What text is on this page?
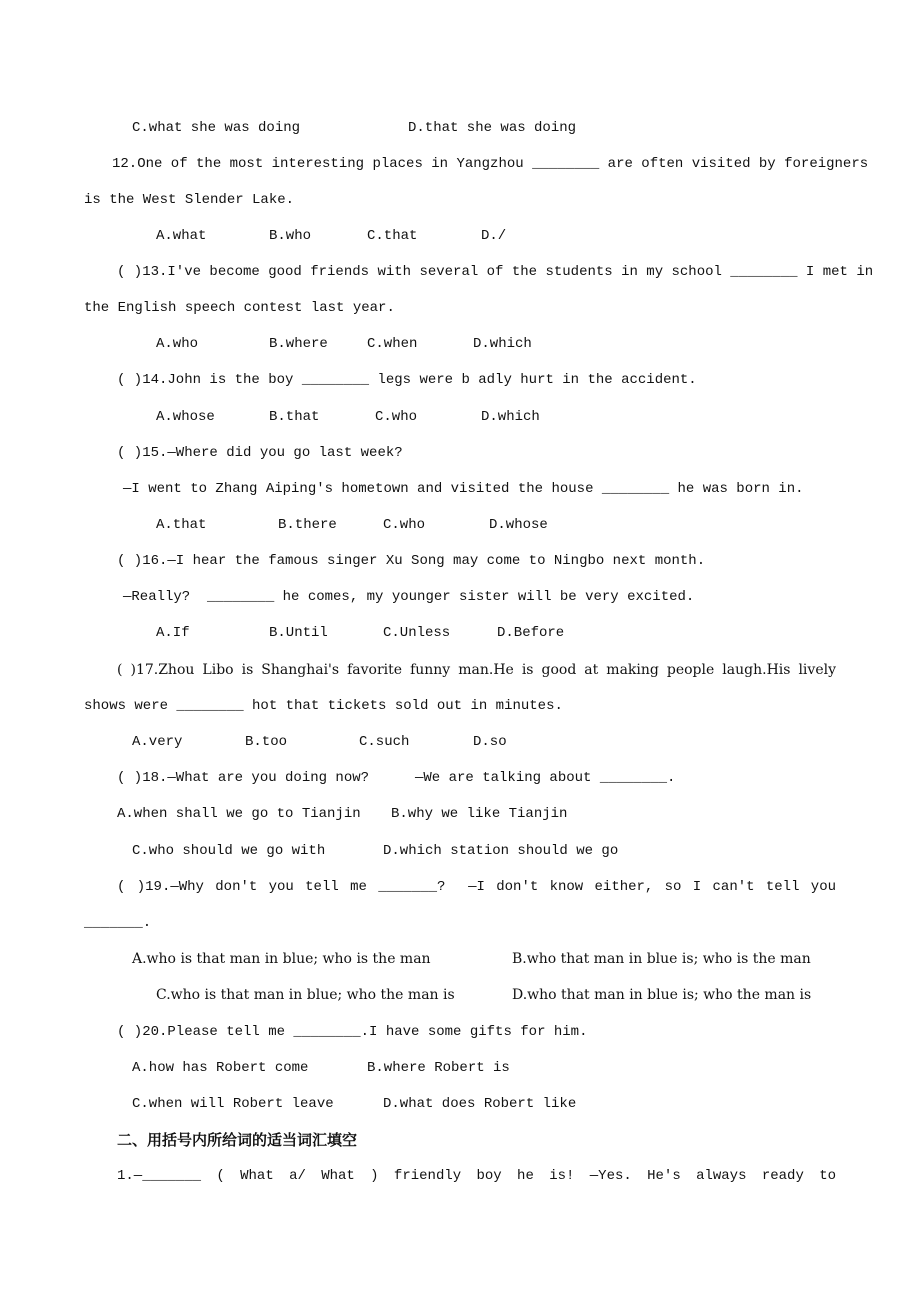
C.what she was doing	D.that she was doing
12.One of the most interesting places in Yangzhou ________ are often visited by foreigners
is the West Slender Lake.
A.what	B.who	C.that	D./
( )13.I've become good friends with several of the students in my school ________ I met in
the English speech contest last year.
A.who	B.where	C.when	D.which
( )14.John is the boy ________ legs were b adly hurt in the accident.
A.whose	B.that	C.who	D.which
( )15.—Where did you go last week?
—I went to Zhang Aiping's hometown and visited the house ________ he was born in.
A.that	B.there	C.who	D.whose
( )16.—I hear the famous singer Xu Song may come to Ningbo next month.
—Really?  ________ he comes, my younger sister will be very excited.
A.If	B.Until	C.Unless	D.Before
( )17.Zhou Libo is Shanghai's favorite funny man.He is good at making people laugh.His lively
shows were ________ hot that tickets sold out in minutes.
A.very	B.too	C.such	D.so
( )18.—What are you doing now?	—We are talking about ________.
A.when shall we go to Tianjin B.why we like Tianjin
C.who should we go with	D.which station should we go
( )19.—Why don't you tell me _______?  —I don't know either, so I can't tell you
_______.
A.who is that man in blue; who is the man	B.who that man in blue is; who is the man
C.who is that man in blue; who the man is	D.who that man in blue is; who the man is
( )20.Please tell me ________.I have some gifts for him.
A.how has Robert come	B.where Robert is
C.when will Robert leave	D.what does Robert like
二、用括号内所给词的适当词汇填空
1.—_______ ( What a/ What ) friendly boy he is! —Yes. He's always ready to
